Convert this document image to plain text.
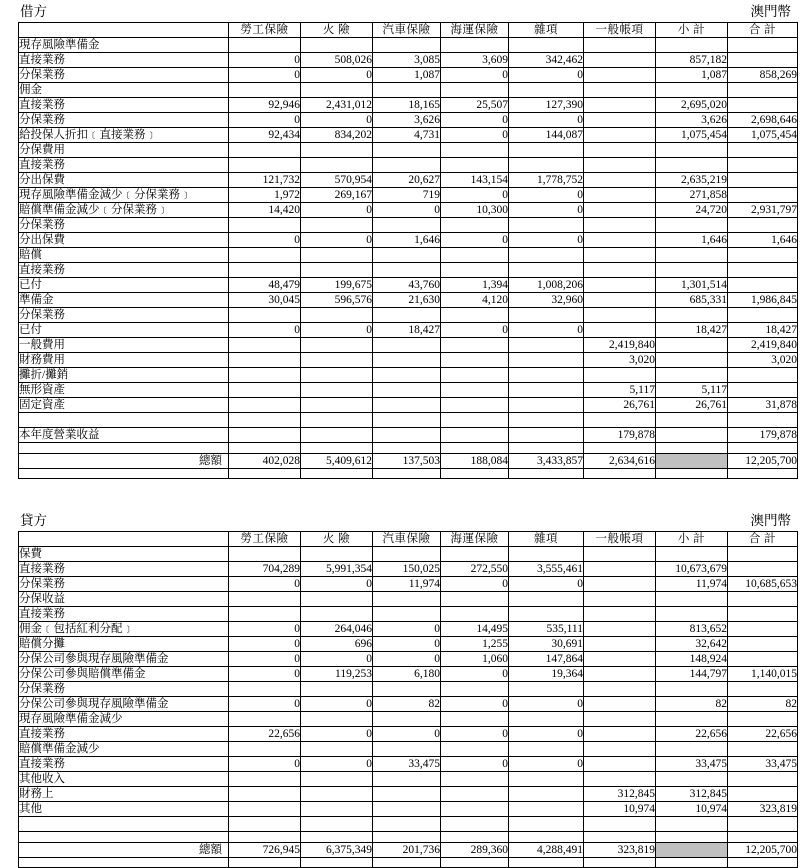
借方	澳門幣
	勞工保險	火 險	汽車保險	海運保險	雜項	一般帳項	小 計	合 計
現存風險準備金								
直接業務	0	508,026	3,085	3,609	342,462		857,182	
分保業務	0	0	1,087	0	0		1,087	858,269
佣金								
直接業務	92,946	2,431,012	18,165	25,507	127,390		2,695,020	
分保業務	0	0	3,626	0	0		3,626	2,698,646
給投保人折扣﹝直接業務﹞	92,434	834,202	4,731	0	144,087		1,075,454	1,075,454
分保費用								
直接業務								
分出保費	121,732	570,954	20,627	143,154	1,778,752		2,635,219	
現存風險準備金減少﹝分保業務﹞	1,972	269,167	719	0	0		271,858	
賠償準備金減少﹝分保業務﹞	14,420	0	0	10,300	0		24,720	2,931,797
分保業務								
分出保費	0	0	1,646	0	0		1,646	1,646
賠償								
直接業務								
已付	48,479	199,675	43,760	1,394	1,008,206		1,301,514	
準備金	30,045	596,576	21,630	4,120	32,960		685,331	1,986,845
分保業務								
已付	0	0	18,427	0	0		18,427	18,427
一般費用						2,419,840		2,419,840
財務費用						3,020		3,020
攤折/攤銷								
無形資產						5,117	5,117	
固定資產						26,761	26,761	31,878

本年度營業收益						179,878		179,878

總額	402,028	5,409,612	137,503	188,084	3,433,857	2,634,616		12,205,700

貸方	澳門幣
	勞工保險	火 險	汽車保險	海運保險	雜項	一般帳項	小 計	合 計
保費								
直接業務	704,289	5,991,354	150,025	272,550	3,555,461		10,673,679	
分保業務	0	0	11,974	0	0		11,974	10,685,653
分保收益								
直接業務								
佣金﹝包括紅利分配﹞	0	264,046	0	14,495	535,111		813,652	
賠償分攤	0	696	0	1,255	30,691		32,642	
分保公司參與現存風險準備金	0	0	0	1,060	147,864		148,924	
分保公司參與賠償準備金	0	119,253	6,180	0	19,364		144,797	1,140,015
分保業務								
分保公司參與現存風險準備金	0	0	82	0	0		82	82
現存風險準備金減少								
直接業務	22,656	0	0	0	0		22,656	22,656
賠償準備金減少								
直接業務	0	0	33,475	0	0		33,475	33,475
其他收入								
財務上						312,845	312,845	
其他						10,974	10,974	323,819

總額	726,945	6,375,349	201,736	289,360	4,288,491	323,819		12,205,700
